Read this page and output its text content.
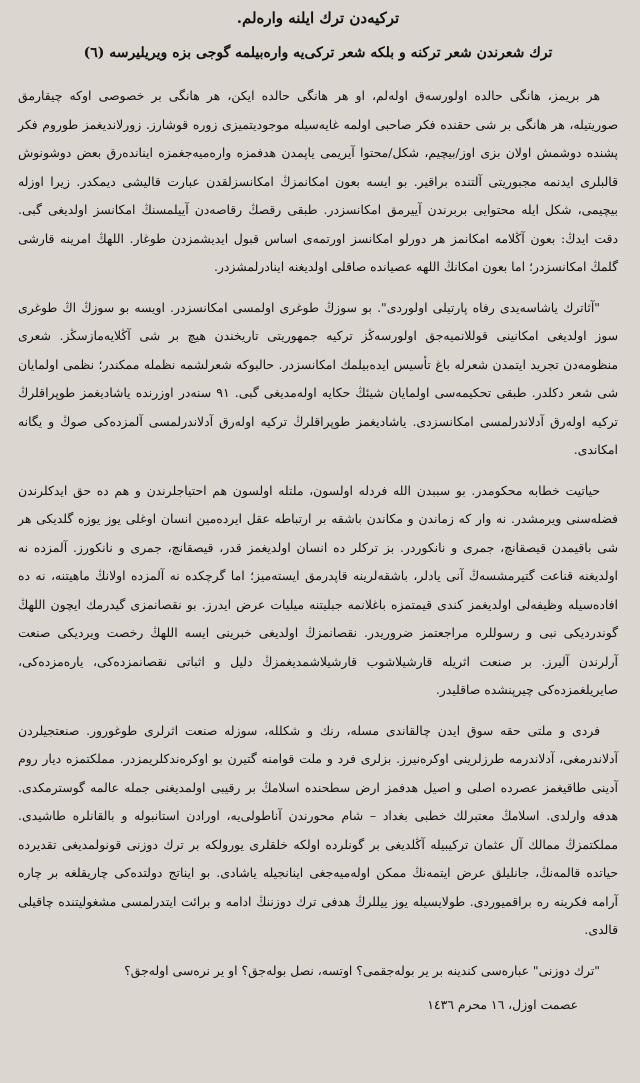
ترکیه‌دن ترك ایلنه واره‌لم.
ترك شعرندن شعر ترکنه و بلکه شعر ترکی‌یه واره‌بیلمه گوجی بزه ویریلیرسه (٦)

هر بریمز، هانگی حالده اولورسه‌ق اوله‌لم، او هر هانگی حالده ایکن، هر هانگی بر خصوصی اوکه چیقارمق صوریتیله، هر هانگی بر شی حقنده فکر صاحبی اولمه غایه‌سیله موجودیتمیزی زوره قوشارز. زورلاندیغمز طوروم فکر پشنده دوشمش اولان بزی اوز/بیچیم، شکل/محتوا آیریمی یاپمدن هدفمزه وارەمیه‌جغمزه اینانده‌رق بعض دوشونوش قالبلری ایدنمه مجبوریتی آلتنده براقیر. بو ایسه بعون امکانمزڭ امکانسزلقدن عبارت قالیشی دیمکدر. زیرا اوزله بیچیمی، شکل ایله محتوایی بربرندن آییرمق امکانسزدر. طبقی رقصڭ رقاصه‌دن آییلمسنڭ امکانسز اولدیغی گبی. دقت ایدڭ: بعون آڭلامه امکانمز هر دورلو امکانسز اورتمه‌ی اساس قبول ایدیشمزدن طوغار. اللهڭ امرینه قارشی گلمڭ امکانسزدر؛ اما بعون امکانڭ اللهه عصیانده صاقلی اولدیغنه اینادرلمشزدر.

"آثاترك یاشاسه‌یدی رفاه پارتیلی اولوردی". بو سوزڭ طوغری اولمسی امکانسزدر. اویسه بو سوزڭ اڭ طوغری سوز اولدیغی امکانینی قوللانمیه‌جق اولورسه‌ڭز ترکیه جمهوریتی تاریخندن هیچ بر شی آڭلایه‌مازسڭز. شعری منظومه‌دن تجرید ایتمدن شعرله باغ تأسیس ایده‌بیلمك امکانسزدر. حالبوکه شعرلشمه نظمله ممکندر؛ نظمی اولمایان شی شعر دکلدر. طبقی تحکیمه‌سی اولمایان شیئڭ حکایه اوله‌مدیغی گبی. ٩١ سنه‌در اوزرنده یاشادیغمز طوپراقلرڭ ترکیه اولەرق آدلاندرلمسی امکانسزدی. یاشادیغمز طوپراقلرڭ ترکیه اولەرق آدلاندرلمسی آلمزده‌کی صوڭ و یگانه امکاندی.

حیاتیت خطابه محکومدر. بو سببدن الله فردله اولسون، ملتله اولسون هم احتیاجلرندن و هم ده حق ایدکلرندن فضله‌سنی ویرمشدر. نه وار که زماندن و مکاندن باشقه بر ارتباطه عقل ایردەمین انسان اوغلی یوز یوزه گلدیکی هر شی باقیمدن قیصقانچ، جمری و نانکوردر. بز ترکلر ده انسان اولدیغمز قدر، قیصقانچ، جمری و نانکورز. آلمزده نه اولدیغنه قناعت گتیرمشسه‌ڭ آنی یادلر، باشقەلرینه قاپدرمق ایسته‌میز؛ اما گرچکده نه آلمزده اولانڭ ماهیتنه، نه ده افاده‌سیله وظیفه‌لی اولدیغمز کندی قیمتمزه باغلانمه جبلیتنه میلیات عرض ایدرز. بو نقصانمزی گیدرمك ایچون اللهڭ گوندردیکی نبی و رسوللره مراجعتمز ضروریدر. نقصانمزڭ اولدیغی خبرینی ایسه اللهڭ رخصت ویردیکی صنعت آرلرندن آلیرز. بر صنعت اثریله قارشیلاشوب قارشیلاشمدیغمزڭ دلیل و اثباتی نقصانمزده‌کی، یاره‌مزده‌کی، صایریلغمزده‌کی چیرپنشده صاقلیدر.

فردی و ملتی حقه سوق ایدن چالقاندی مسله، رنك و شکلله، سوزله صنعت اثرلری طوغورور. صنعتجیلردن آدلاندرمغی، آدلاندرمه طرزلرینی اوکره‌نیرز. بزلری فرد و ملت قوامنه گتیرن بو اوکره‌ندکلریمزدر. مملکتمزه دیار روم آدینی طاقیغمز عصرده اصلی و اصیل هدفمز ارض سطحنده اسلامڭ بر رقیبی اولمدیغنی جمله عالمه گوسترمکدی. هدفه وارلدی. اسلامڭ معتبرلك خطبی بغداد – شام محورندن آناطولی‌یه، اورادن استانبوله و بالقانلره طاشیدی. مملکتمزڭ ممالك آل عثمان ترکیبیله آڭلدیغی بر گونلرده اولکه خلقلری یورولکه بر ترك دوزنی قونولمدیغی تقدیرده حیاتده قالمه‌نڭ، جانلیلق عرض ایتمه‌نڭ ممکن اوله‌میه‌جغی اینانجیله یاشادی. بو ایناتج دولتده‌کی چاریقلغه بر چاره آرامه فکرینه ره براقمیوردی. طولایسیله یوز ییللرڭ هدفی ترك دوزننڭ ادامه و برائت ایتدرلمسی مشغولیتنده چاقیلی قالدی.

"ترك دوزنی" عباره‌سی کندینه بر یر بوله‌جقمی؟ اوتسه، نصل بوله‌جق؟ او یر نره‌سی اوله‌جق؟

عصمت اوزل، ١٦ محرم ١٤٣٦
